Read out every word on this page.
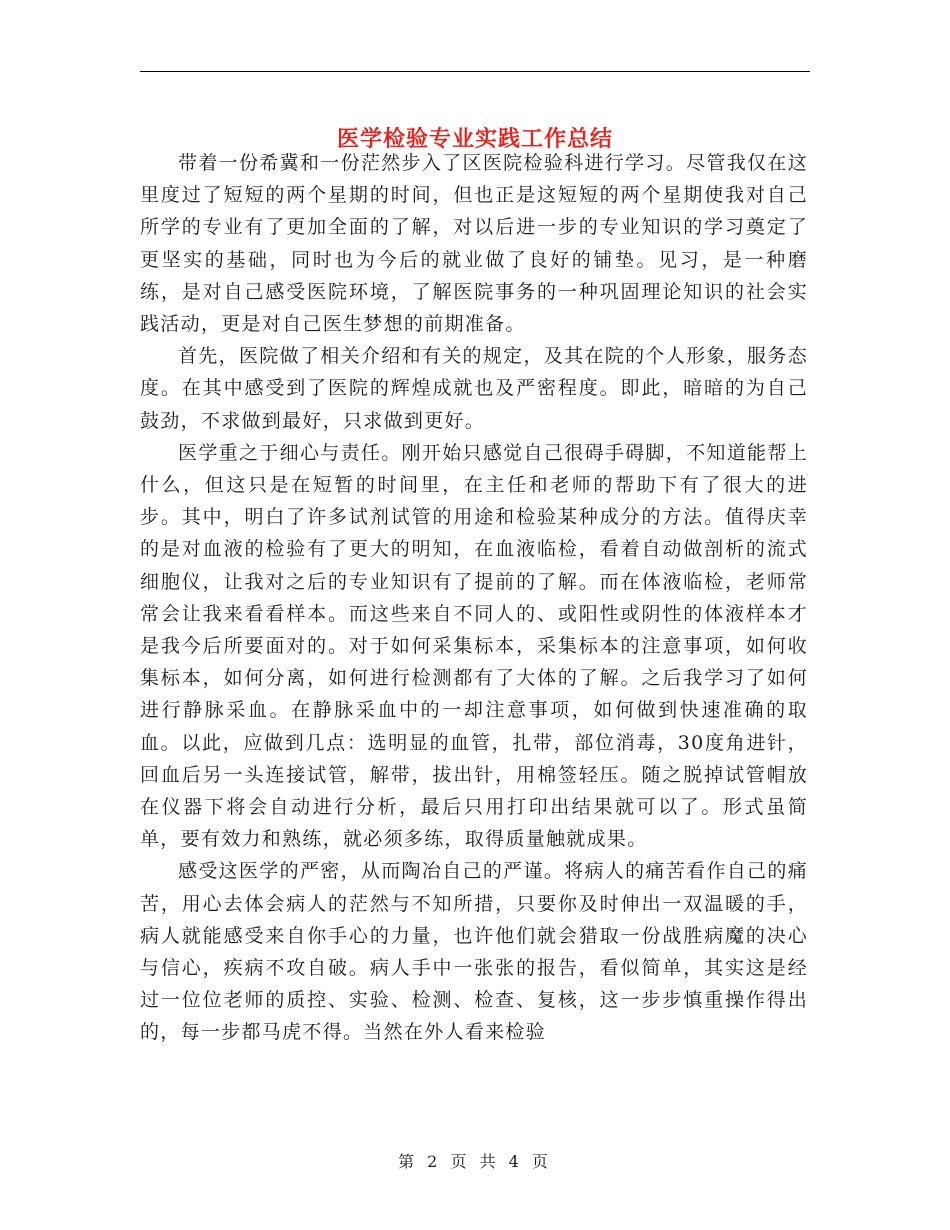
医学检验专业实践工作总结

带着一份希冀和一份茫然步入了区医院检验科进行学习。尽管我仅在这里度过了短短的两个星期的时间，但也正是这短短的两个星期使我对自己所学的专业有了更加全面的了解，对以后进一步的专业知识的学习奠定了更坚实的基础，同时也为今后的就业做了良好的铺垫。见习，是一种磨练，是对自己感受医院环境，了解医院事务的一种巩固理论知识的社会实践活动，更是对自己医生梦想的前期准备。

首先，医院做了相关介绍和有关的规定，及其在院的个人形象，服务态度。在其中感受到了医院的辉煌成就也及严密程度。即此，暗暗的为自己鼓劲，不求做到最好，只求做到更好。

医学重之于细心与责任。刚开始只感觉自己很碍手碍脚，不知道能帮上什么，但这只是在短暂的时间里，在主任和老师的帮助下有了很大的进步。其中，明白了许多试剂试管的用途和检验某种成分的方法。值得庆幸的是对血液的检验有了更大的明知，在血液临检，看着自动做剖析的流式细胞仪，让我对之后的专业知识有了提前的了解。而在体液临检，老师常常会让我来看看样本。而这些来自不同人的、或阳性或阴性的体液样本才是我今后所要面对的。对于如何采集标本，采集标本的注意事项，如何收集标本，如何分离，如何进行检测都有了大体的了解。之后我学习了如何进行静脉采血。在静脉采血中的一却注意事项，如何做到快速准确的取血。以此，应做到几点：选明显的血管，扎带，部位消毒，30度角进针，回血后另一头连接试管，解带，拔出针，用棉签轻压。随之脱掉试管帽放在仪器下将会自动进行分析，最后只用打印出结果就可以了。形式虽简单，要有效力和熟练，就必须多练，取得质量触就成果。

感受这医学的严密，从而陶冶自己的严谨。将病人的痛苦看作自己的痛苦，用心去体会病人的茫然与不知所措，只要你及时伸出一双温暖的手，病人就能感受来自你手心的力量，也许他们就会猎取一份战胜病魔的决心与信心，疾病不攻自破。病人手中一张张的报告，看似简单，其实这是经过一位位老师的质控、实验、检测、检查、复核，这一步步慎重操作得出的，每一步都马虎不得。当然在外人看来检验

第 2 页 共 4 页
